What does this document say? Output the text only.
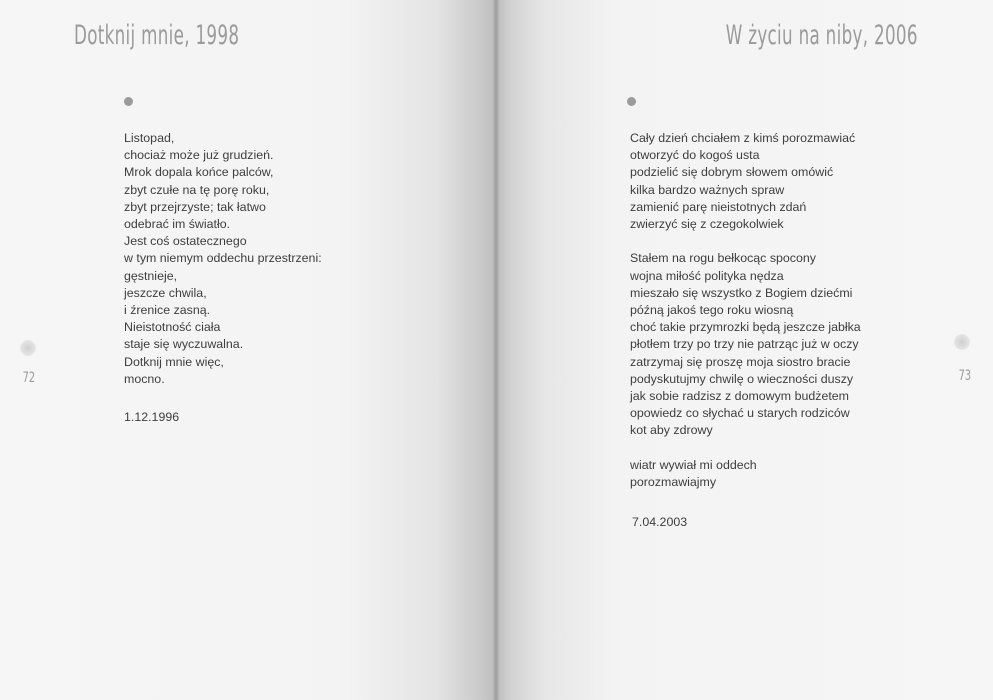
Dotknij mnie, 1998
Listopad,
chociaż może już grudzień.
Mrok dopala końce palców,
zbyt czułe na tę porę roku,
zbyt przejrzyste; tak łatwo
odebrać im światło.
Jest coś ostatecznego
w tym niemym oddechu przestrzeni:
gęstnieje,
jeszcze chwila,
i źrenice zasną.
Nieistotność ciała
staje się wyczuwalna.
Dotknij mnie więc,
mocno.
1.12.1996
72
W życiu na niby, 2006
Cały dzień chciałem z kimś porozmawiać
otworzyć do kogoś usta
podzielić się dobrym słowem omówić
kilka bardzo ważnych spraw
zamienić parę nieistotnych zdań
zwierzyć się z czegokolwiek
Stałem na rogu bełkocąc spocony
wojna miłość polityka nędza
mieszało się wszystko z Bogiem dziećmi
późną jakoś tego roku wiosną
choć takie przymrozki będą jeszcze jabłka
płotłem trzy po trzy nie patrząc już w oczy
zatrzymaj się proszę moja siostro bracie
podyskutujmy chwilę o wieczności duszy
jak sobie radzisz z domowym budżetem
opowiedz co słychać u starych rodziców
kot aby zdrowy
wiatr wywiał mi oddech
porozmawiajmy
7.04.2003
73
